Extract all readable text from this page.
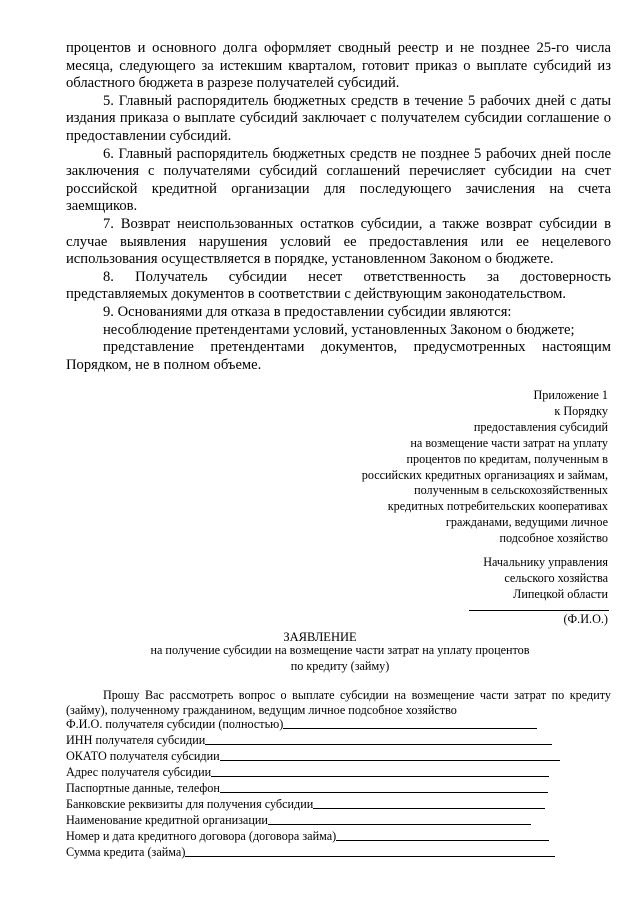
процентов и основного долга оформляет сводный реестр и не позднее 25-го числа месяца, следующего за истекшим кварталом, готовит приказ о выплате субсидий из областного бюджета в разрезе получателей субсидий.

5. Главный распорядитель бюджетных средств в течение 5 рабочих дней с даты издания приказа о выплате субсидий заключает с получателем субсидии соглашение о предоставлении субсидий.

6. Главный распорядитель бюджетных средств не позднее 5 рабочих дней после заключения с получателями субсидий соглашений перечисляет субсидии на счет российской кредитной организации для последующего зачисления на счета заемщиков.

7. Возврат неиспользованных остатков субсидии, а также возврат субсидии в случае выявления нарушения условий ее предоставления или ее нецелевого использования осуществляется в порядке, установленном Законом о бюджете.

8. Получатель субсидии несет ответственность за достоверность представляемых документов в соответствии с действующим законодательством.

9. Основаниями для отказа в предоставлении субсидии являются:

несоблюдение претендентами условий, установленных Законом о бюджете;

представление претендентами документов, предусмотренных настоящим Порядком, не в полном объеме.

Приложение 1
к Порядку
предоставления субсидий
на возмещение части затрат на уплату
процентов по кредитам, полученным в
российских кредитных организациях и займам,
полученным в сельскохозяйственных
кредитных потребительских кооперативах
гражданами, ведущими личное
подсобное хозяйство
Начальнику управления
сельского хозяйства
Липецкой области
(Ф.И.О.)
ЗАЯВЛЕНИЕ
на получение субсидии на возмещение части затрат на уплату процентов
по кредиту (займу)

Прошу Вас рассмотреть вопрос о выплате субсидии на возмещение части затрат по кредиту (займу), полученному гражданином, ведущим личное подсобное хозяйство

Ф.И.О. получателя субсидии (полностью)
ИНН получателя субсидии
ОКАТО получателя субсидии
Адрес получателя субсидии
Паспортные данные, телефон
Банковские реквизиты для получения субсидии
Наименование кредитной организации
Номер и дата кредитного договора (договора займа)
Сумма кредита (займа)
